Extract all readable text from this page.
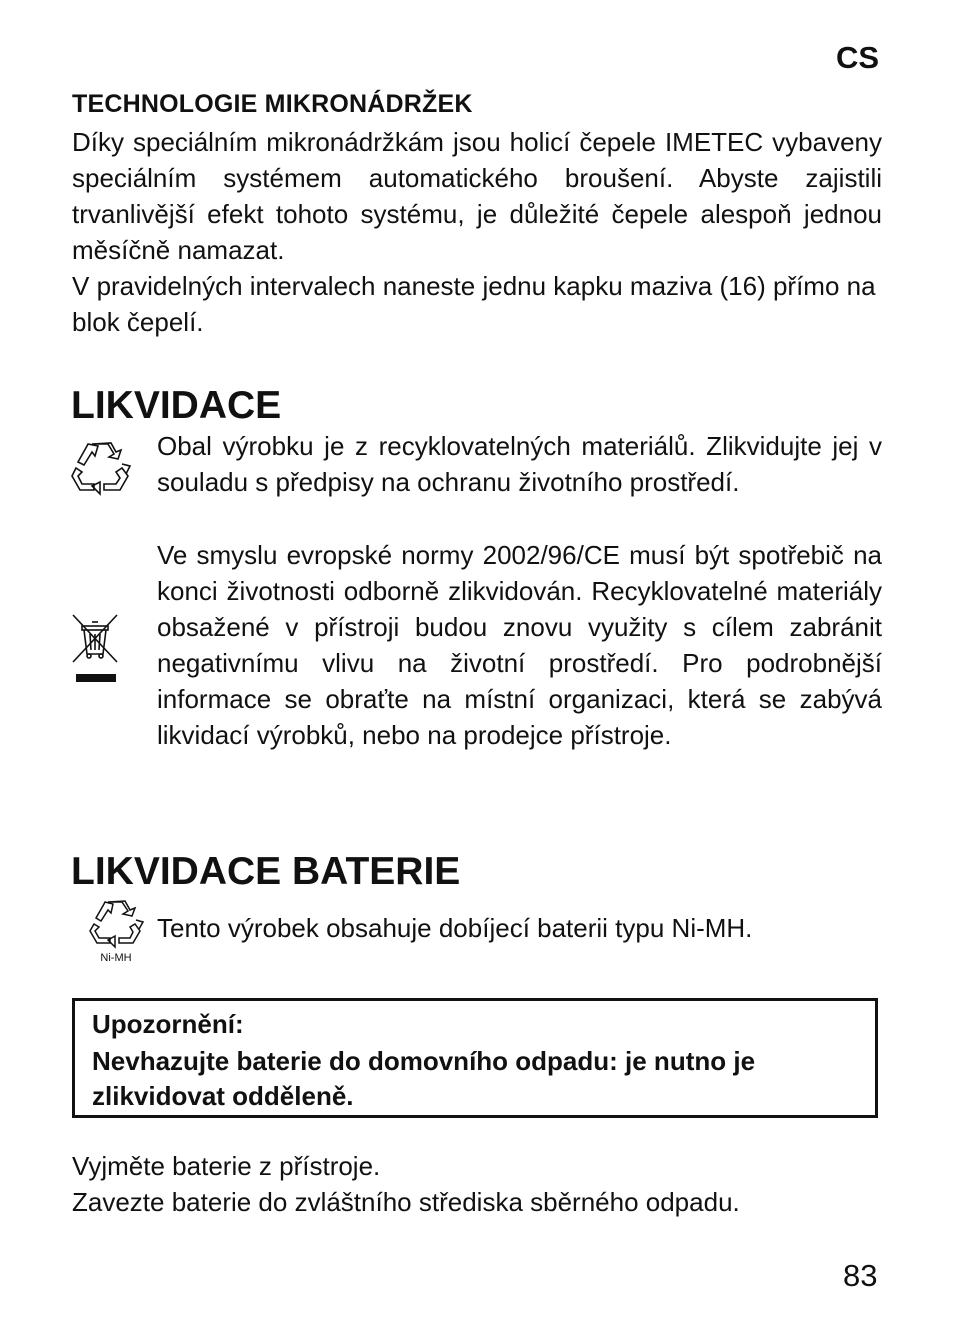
CS
TECHNOLOGIE MIKRONÁDRŽEK

Díky speciálním mikronádržkám jsou holicí čepele IMETEC vybaveny speciálním systémem automatického broušení. Abyste zajistili trvanlivější efekt tohoto systému, je důležité čepele alespoň jednou měsíčně namazat.

V pravidelných intervalech naneste jednu kapku maziva (16) přímo na blok čepelí.

LIKVIDACE

Obal výrobku je z recyklovatelných materiálů. Zlikvidujte jej v souladu s předpisy na ochranu životního prostředí.

Ve smyslu evropské normy 2002/96/CE musí být spotřebič na konci životnosti odborně zlikvidován. Recyklovatelné materiály obsažené v přístroji budou znovu využity s cílem zabránit negativnímu vlivu na životní prostředí. Pro podrobnější informace se obraťte na místní organizaci, která se zabývá likvidací výrobků, nebo na prodejce přístroje.

LIKVIDACE BATERIE
Ni-MH

Tento výrobek obsahuje dobíjecí baterii typu Ni-MH.

Upozornění:
Nevhazujte baterie do domovního odpadu: je nutno je zlikvidovat odděleně.

Vyjměte baterie z přístroje.

Zavezte baterie do zvláštního střediska sběrného odpadu.

83
